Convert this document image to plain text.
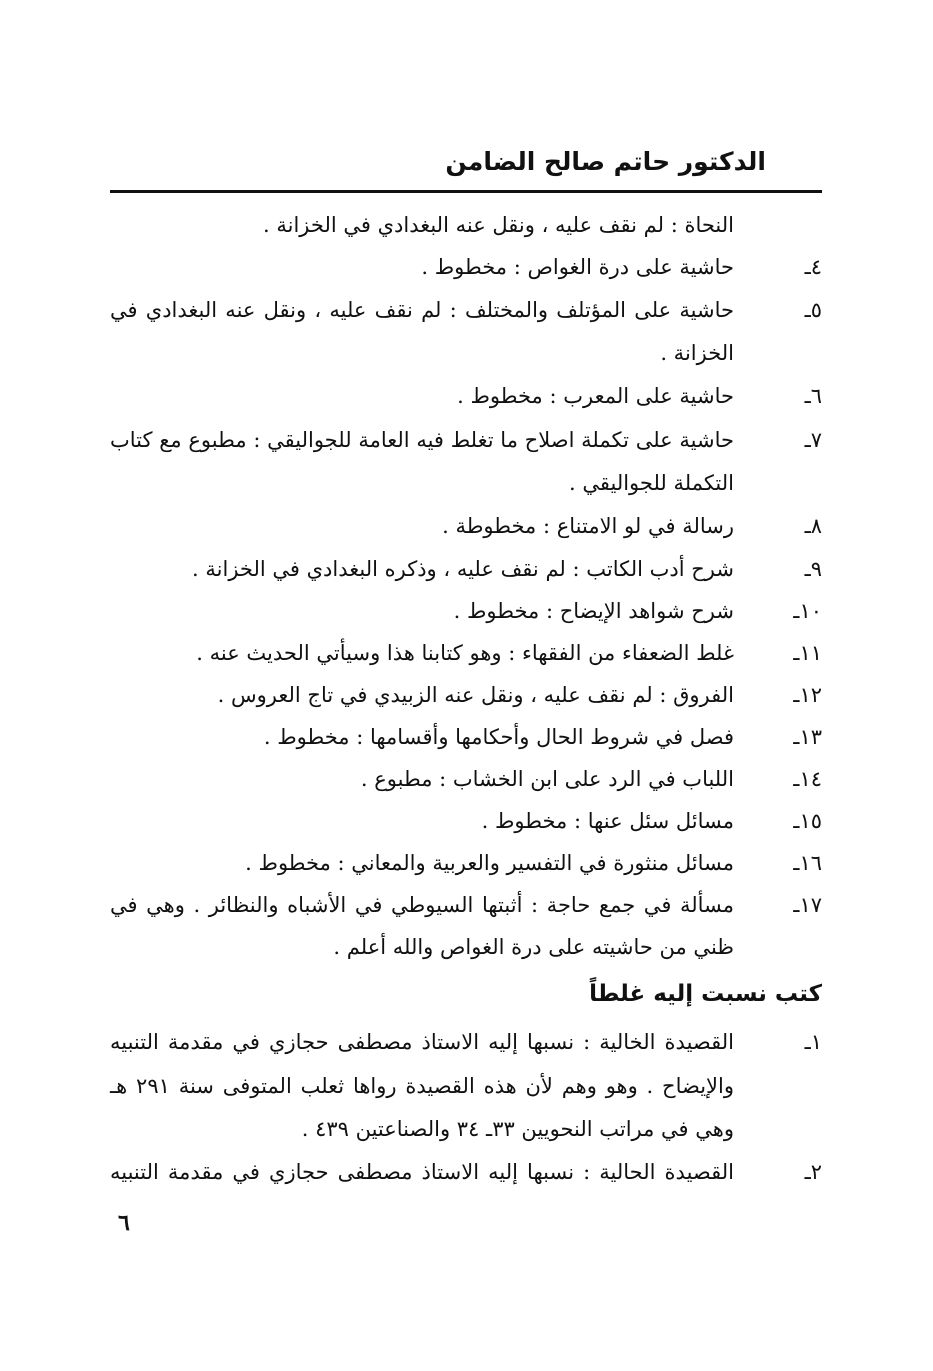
الدكتور حاتم صالح الضامن
النحاة : لم نقف عليه ، ونقل عنه البغدادي في الخزانة .
٤ـ
حاشية على درة الغواص : مخطوط .
٥ـ
حاشية على المؤتلف والمختلف : لم نقف عليه ، ونقل عنه البغدادي في
الخزانة .
٦ـ
حاشية على المعرب : مخطوط .
٧ـ
حاشية على تكملة اصلاح ما تغلط فيه العامة للجواليقي : مطبوع مع كتاب
التكملة للجواليقي .
٨ـ
رسالة في لو الامتناع : مخطوطة .
٩ـ
شرح أدب الكاتب : لم نقف عليه ، وذكره البغدادي في الخزانة .
١٠ـ
شرح شواهد الإيضاح : مخطوط .
١١ـ
غلط الضعفاء من الفقهاء : وهو كتابنا هذا وسيأتي الحديث عنه .
١٢ـ
الفروق : لم نقف عليه ، ونقل عنه الزبيدي في تاج العروس .
١٣ـ
فصل في شروط الحال وأحكامها وأقسامها : مخطوط .
١٤ـ
اللباب في الرد على ابن الخشاب : مطبوع .
١٥ـ
مسائل سئل عنها : مخطوط .
١٦ـ
مسائل منثورة في التفسير والعربية والمعاني : مخطوط .
١٧ـ
مسألة في جمع حاجة : أثبتها السيوطي في الأشباه والنظائر . وهي في
ظني من حاشيته على درة الغواص والله أعلم .
كتب نسبت إليه غلطاً
١ـ
القصيدة الخالية : نسبها إليه الاستاذ مصطفى حجازي في مقدمة التنبيه
والإيضاح . وهو وهم لأن هذه القصيدة رواها ثعلب المتوفى سنة ٢٩١ هـ
وهي في مراتب النحويين ٣٣ـ ٣٤ والصناعتين ٤٣٩ .
٢ـ
القصيدة الحالية : نسبها إليه الاستاذ مصطفى حجازي في مقدمة التنبيه
٦
